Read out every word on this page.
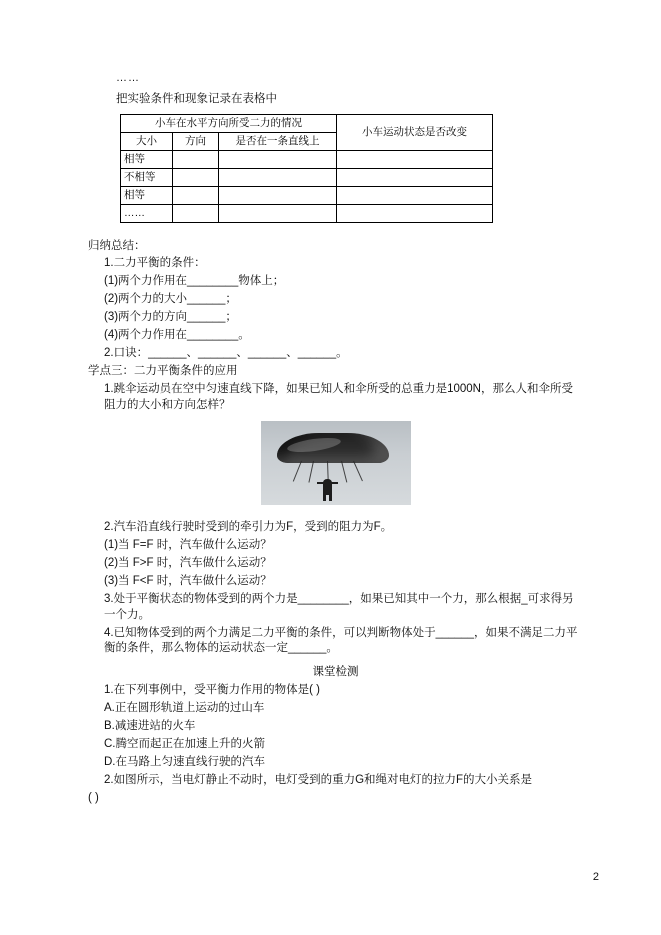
……
把实验条件和现象记录在表格中
小车在水平方向所受二力的情况			小车运动状态是否改变
大小	方向	是否在一条直线上	
相等			
不相等			
相等			
……			
归纳总结：
1.二力平衡的条件：
(1)两个力作用在________物体上；
(2)两个力的大小______；
(3)两个力的方向______；
(4)两个力作用在________。
2.口诀：______、______、______、______。
学点三：二力平衡条件的应用
1.跳伞运动员在空中匀速直线下降，如果已知人和伞所受的总重力是1000N，那么人和伞所受阻力的大小和方向怎样？
2.汽车沿直线行驶时受到的牵引力为F，受到的阻力为F。
(1)当 F=F 时，汽车做什么运动？
(2)当 F>F 时，汽车做什么运动？
(3)当 F<F 时，汽车做什么运动？
3.处于平衡状态的物体受到的两个力是________，如果已知其中一个力，那么根据_可求得另一个力。
4.已知物体受到的两个力满足二力平衡的条件，可以判断物体处于______，如果不满足二力平衡的条件，那么物体的运动状态一定______。
课堂检测
1.在下列事例中，受平衡力作用的物体是( )
A.正在圆形轨道上运动的过山车
B.减速进站的火车
C.腾空而起正在加速上升的火箭
D.在马路上匀速直线行驶的汽车
2.如图所示，当电灯静止不动时，电灯受到的重力G和绳对电灯的拉力F的大小关系是
( )
2
